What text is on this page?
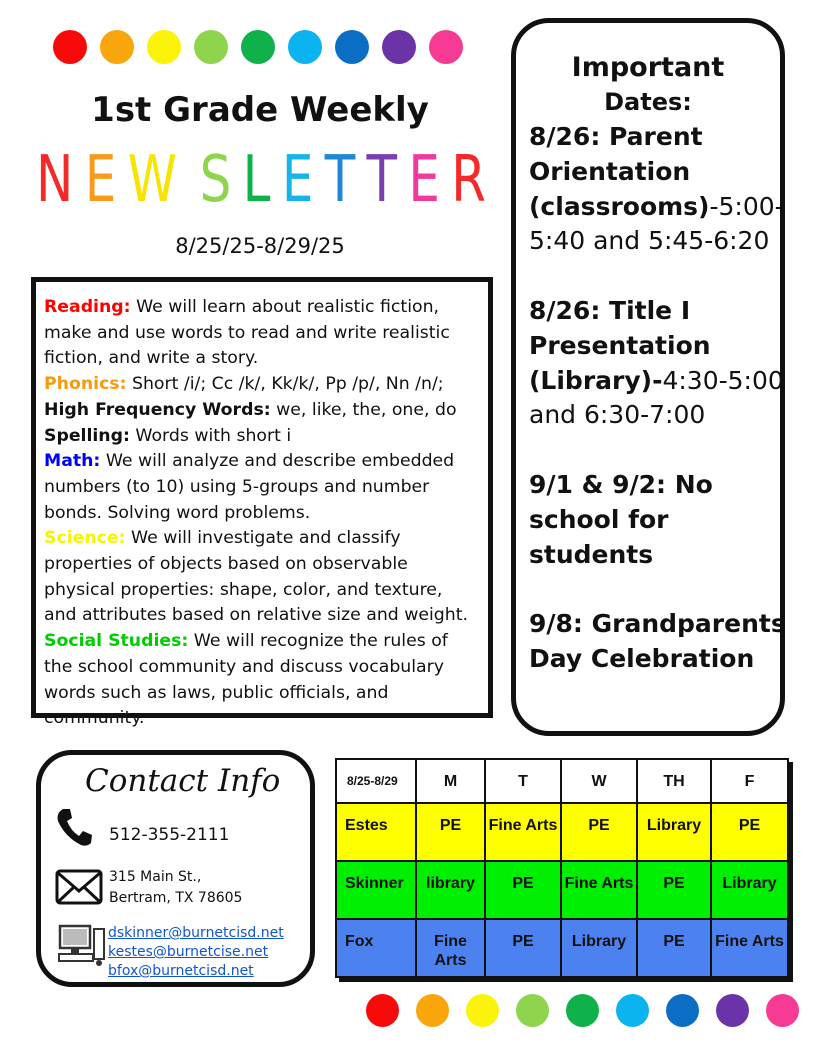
1st Grade Weekly
N E W S L E T T E R
8/25/25-8/29/25

Reading: We will learn about realistic fiction, make and use words to read and write realistic fiction, and write a story.

Phonics: Short /i/; Cc /k/, Kk/k/, Pp /p/, Nn /n/;

High Frequency Words: we, like, the, one, do

Spelling: Words with short i

Math: We will analyze and describe embedded numbers (to 10) using 5-groups and number bonds. Solving word problems.

Science: We will investigate and classify properties of objects based on observable physical properties: shape, color, and texture, and attributes based on relative size and weight.

Social Studies: We will recognize the rules of the school community and discuss vocabulary words such as laws, public officials, and community.

Important
Dates:

8/26: Parent Orientation (classrooms)-5:00-5:40 and 5:45-6:20

8/26: Title I Presentation (Library)-4:30-5:00 and 6:30-7:00

9/1 & 9/2: No school for students

9/8: Grandparents Day Celebration

Contact Info
512-355-2111
315 Main St.,
Bertram, TX 78605
dskinner@burnetcisd.net
kestes@burnetcise.net
bfox@burnetcisd.net
8/25-8/29	M	T	W	TH	F
Estes	PE	Fine Arts	PE	Library	PE
Skinner	library	PE	Fine Arts	PE	Library
Fox	Fine Arts	PE	Library	PE	Fine Arts
